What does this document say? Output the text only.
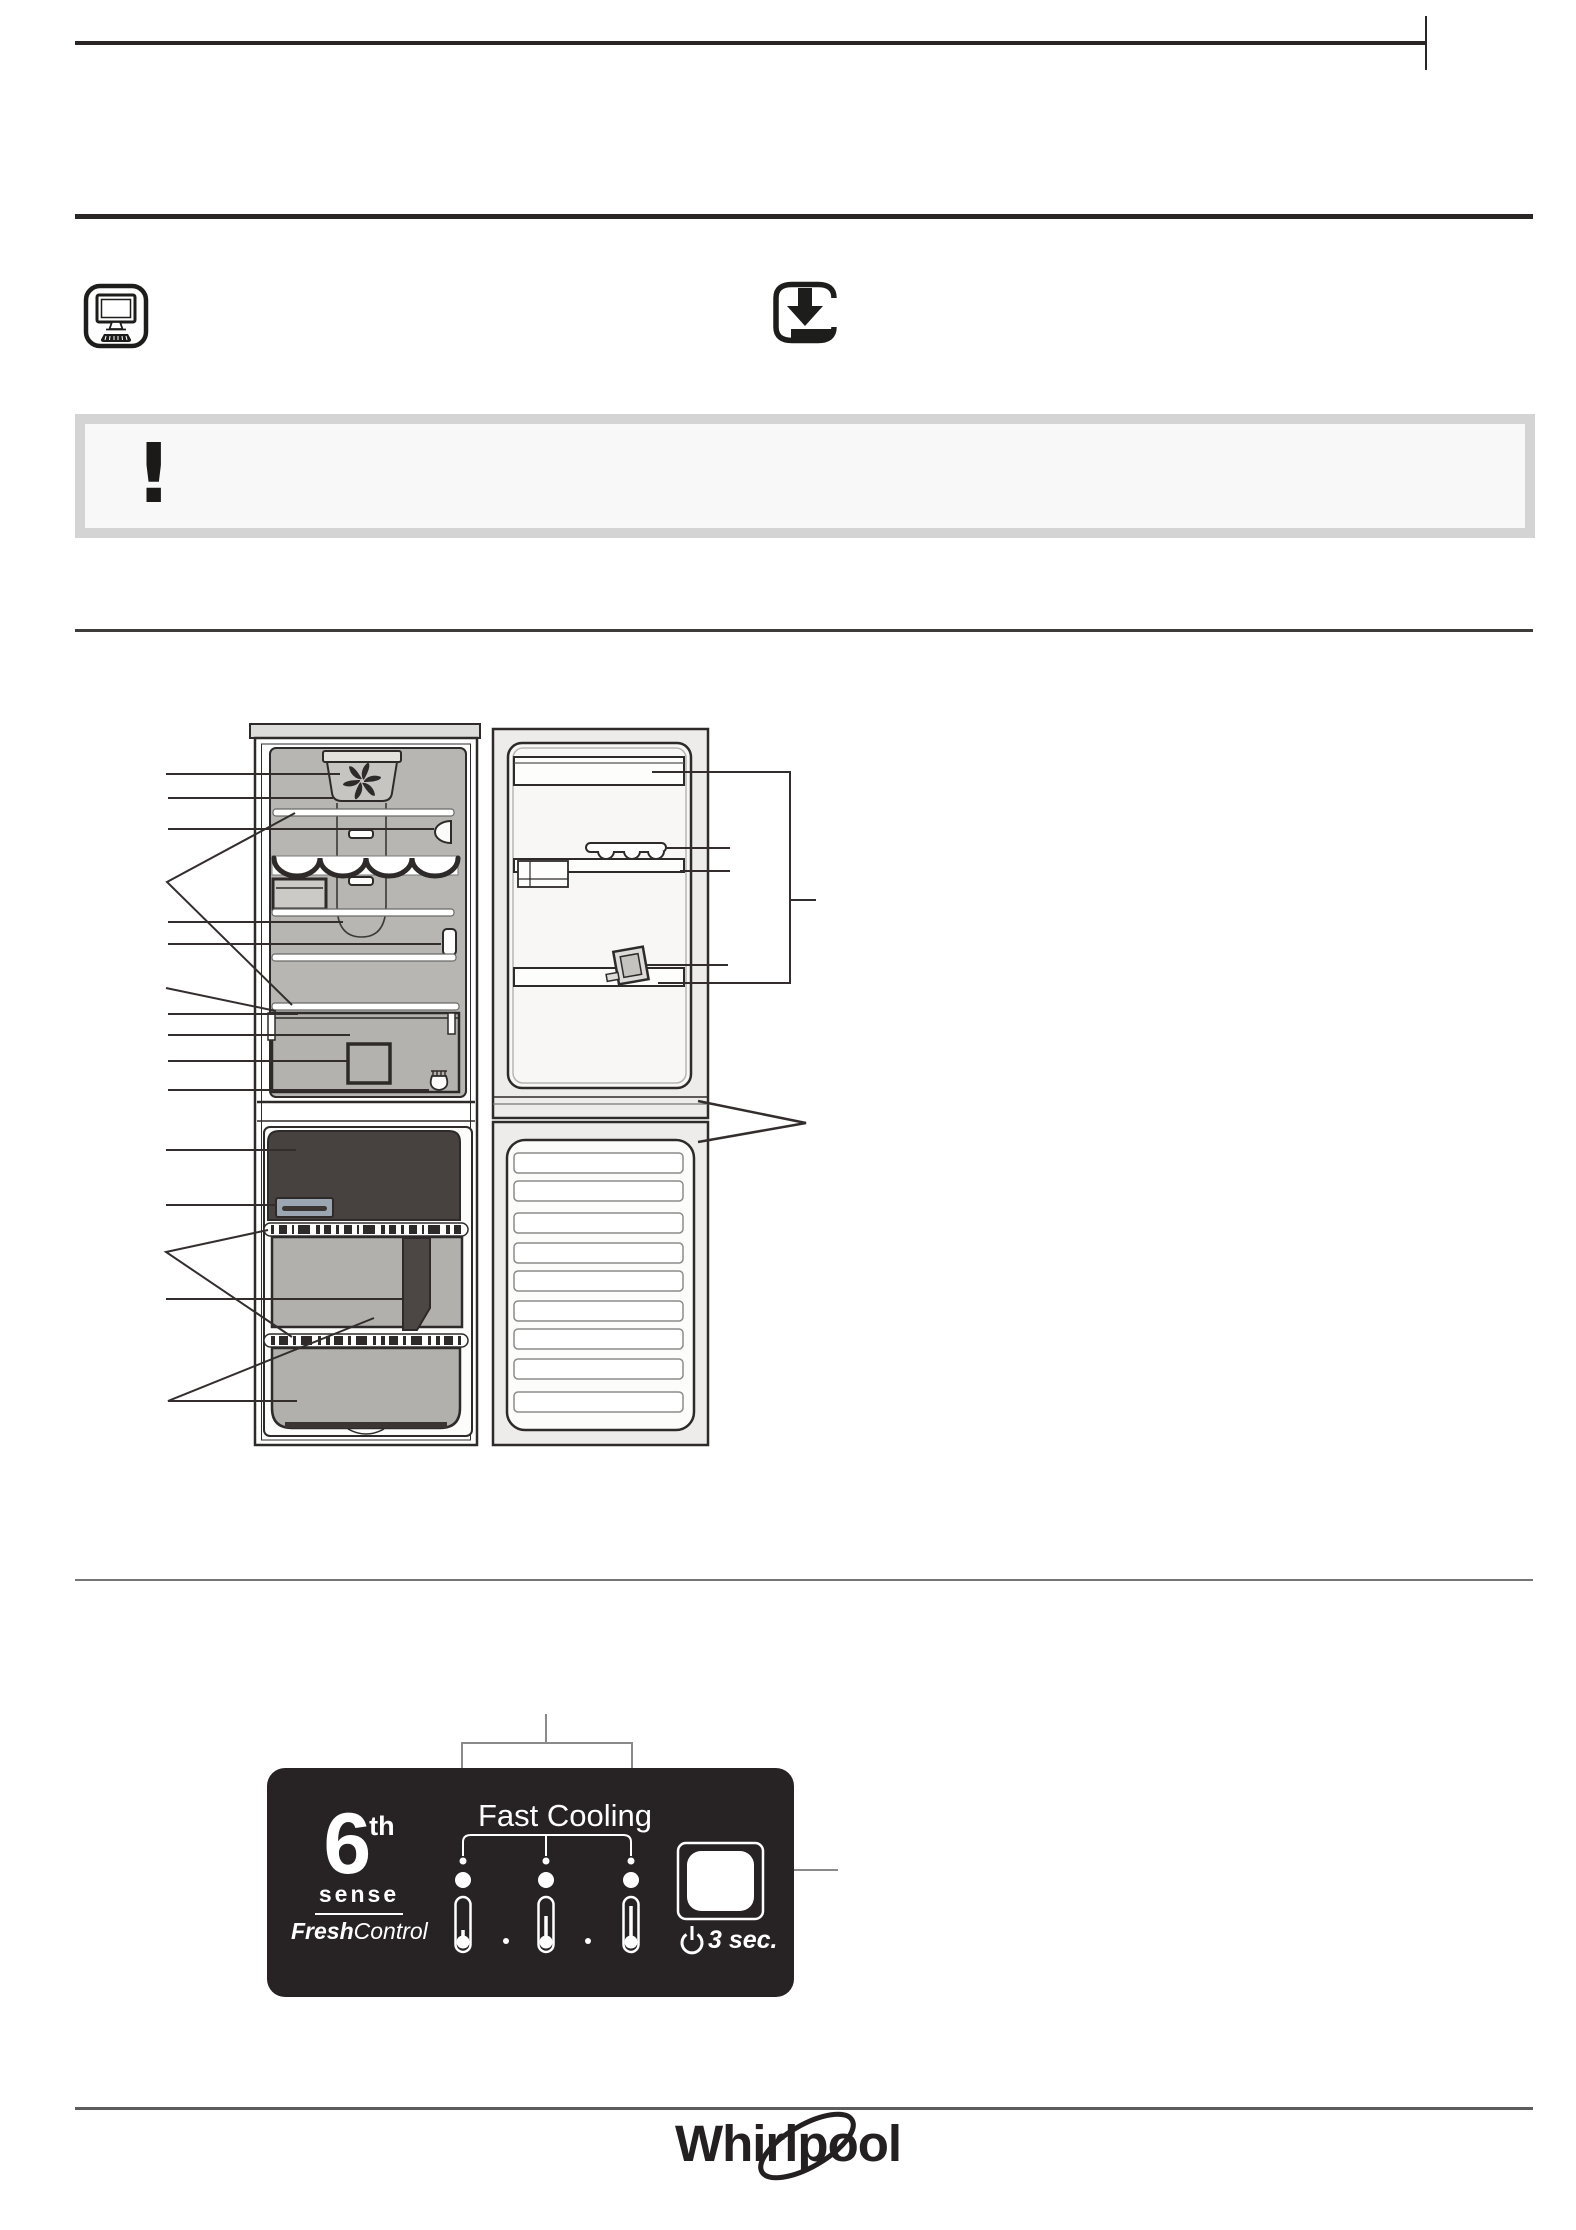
!
6th
sense
FreshControl
Fast Cooling
3 sec.
Whirlpool
